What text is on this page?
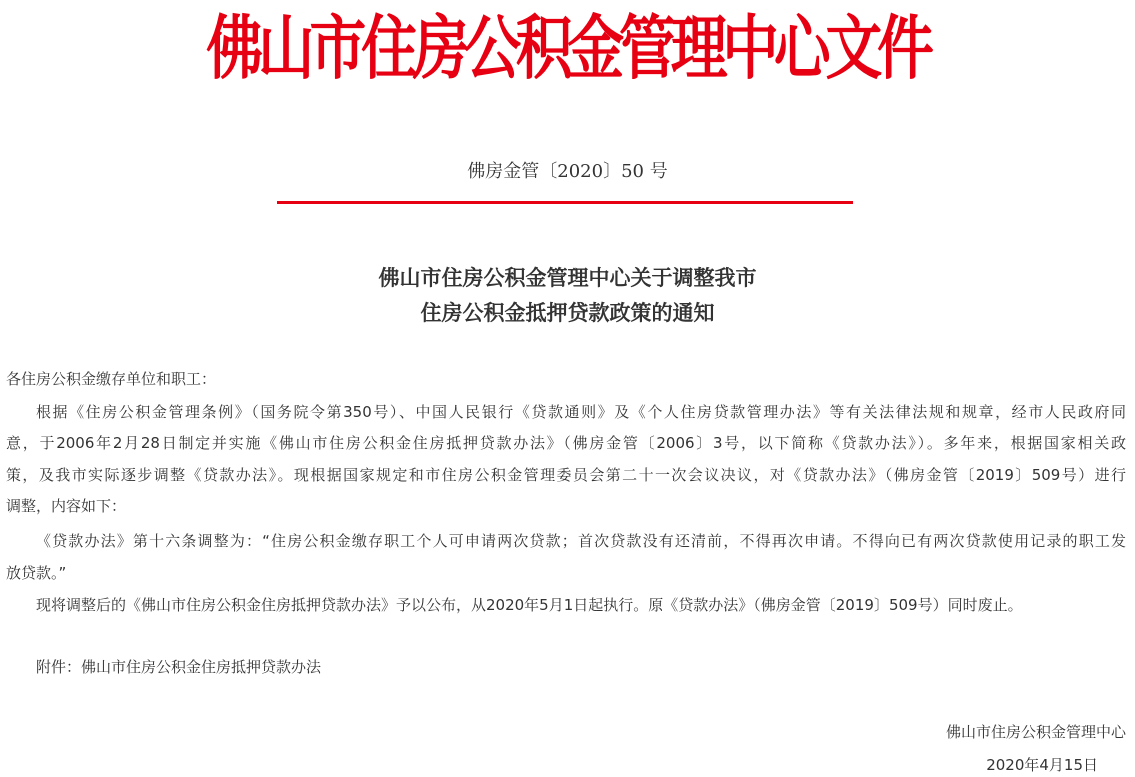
佛山市住房公积金管理中心文件
佛房金管〔2020〕50 号
佛山市住房公积金管理中心关于调整我市
住房公积金抵押贷款政策的通知
各住房公积金缴存单位和职工：
根据《住房公积金管理条例》（国务院令第350号）、中国人民银行《贷款通则》及《个人住房贷款管理办法》等有关法律法规和规章，经市人民政府同
意，于2006年2月28日制定并实施《佛山市住房公积金住房抵押贷款办法》（佛房金管〔2006〕3号，以下简称《贷款办法》）。多年来，根据国家相关政
策，及我市实际逐步调整《贷款办法》。现根据国家规定和市住房公积金管理委员会第二十一次会议决议，对《贷款办法》（佛房金管〔2019〕509号）进行
调整，内容如下：
《贷款办法》第十六条调整为：“住房公积金缴存职工个人可申请两次贷款；首次贷款没有还清前，不得再次申请。不得向已有两次贷款使用记录的职工发
放贷款。”
现将调整后的《佛山市住房公积金住房抵押贷款办法》予以公布，从2020年5月1日起执行。原《贷款办法》（佛房金管〔2019〕509号）同时废止。
附件：佛山市住房公积金住房抵押贷款办法
佛山市住房公积金管理中心
2020年4月15日
